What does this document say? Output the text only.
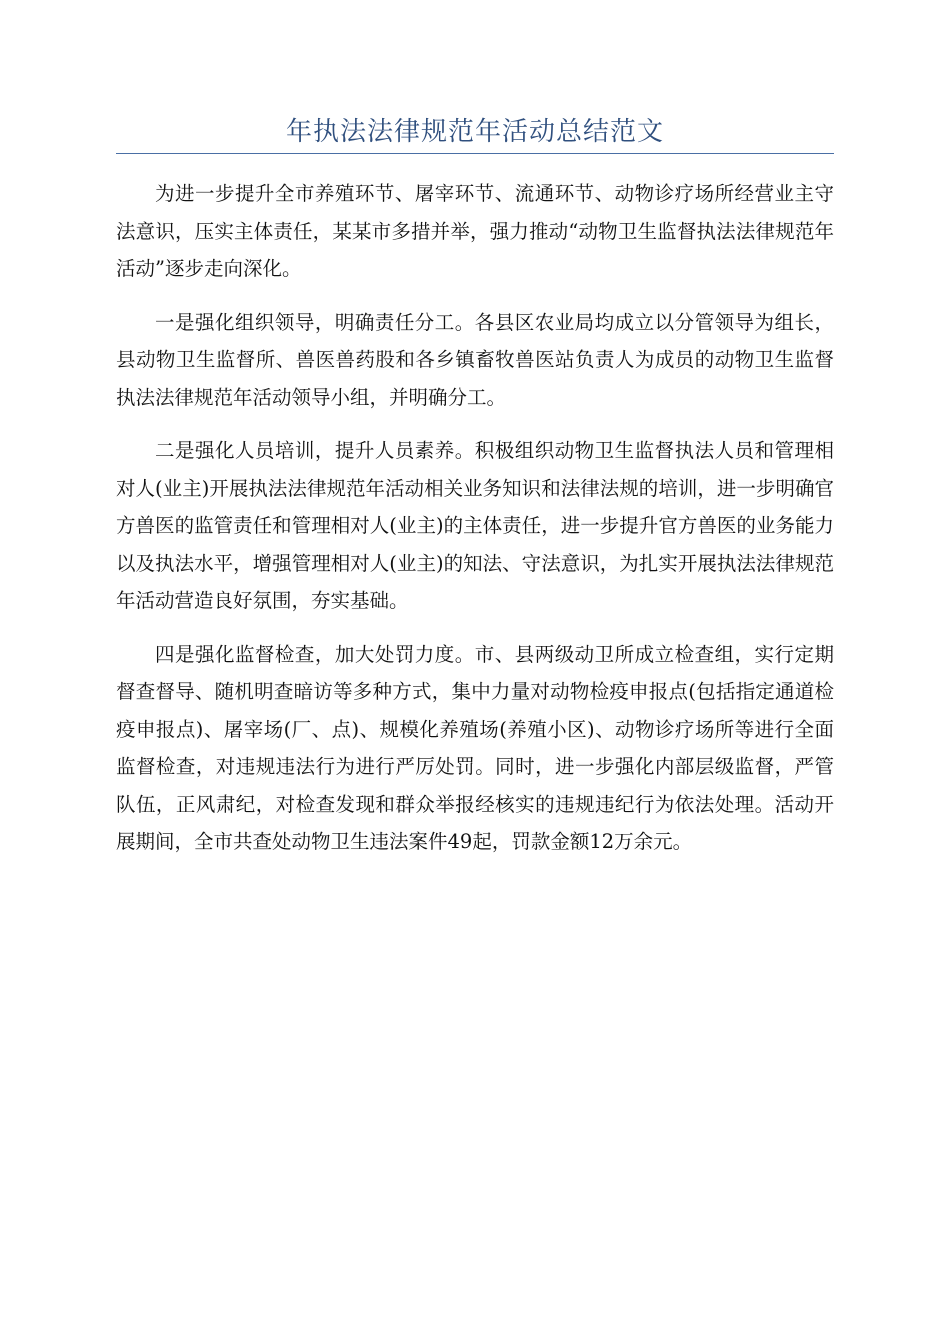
年执法法律规范年活动总结范文

为进一步提升全市养殖环节、屠宰环节、流通环节、动物诊疗场所经营业主守法意识，压实主体责任，某某市多措并举，强力推动“动物卫生监督执法法律规范年活动”逐步走向深化。

一是强化组织领导，明确责任分工。各县区农业局均成立以分管领导为组长，县动物卫生监督所、兽医兽药股和各乡镇畜牧兽医站负责人为成员的动物卫生监督执法法律规范年活动领导小组，并明确分工。

二是强化人员培训，提升人员素养。积极组织动物卫生监督执法人员和管理相对人(业主)开展执法法律规范年活动相关业务知识和法律法规的培训，进一步明确官方兽医的监管责任和管理相对人(业主)的主体责任，进一步提升官方兽医的业务能力以及执法水平，增强管理相对人(业主)的知法、守法意识，为扎实开展执法法律规范年活动营造良好氛围，夯实基础。

四是强化监督检查，加大处罚力度。市、县两级动卫所成立检查组，实行定期督查督导、随机明查暗访等多种方式，集中力量对动物检疫申报点(包括指定通道检疫申报点)、屠宰场(厂、点)、规模化养殖场(养殖小区)、动物诊疗场所等进行全面监督检查，对违规违法行为进行严厉处罚。同时，进一步强化内部层级监督，严管队伍，正风肃纪，对检查发现和群众举报经核实的违规违纪行为依法处理。活动开展期间，全市共查处动物卫生违法案件49起，罚款金额12万余元。
